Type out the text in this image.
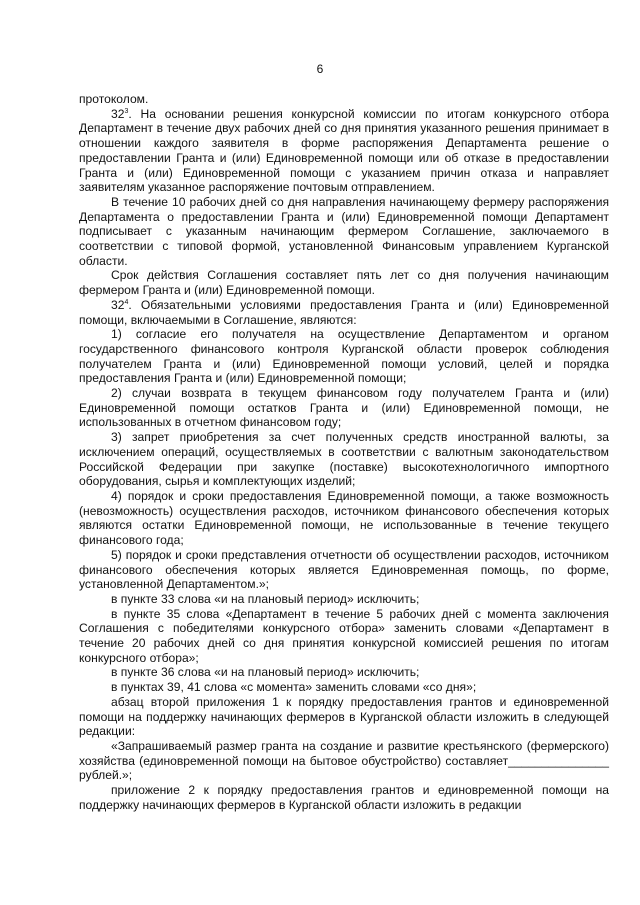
6

протоколом.

$32^3$. На основании решения конкурсной комиссии по итогам конкурсного отбора Департамент в течение двух рабочих дней со дня принятия указанного решения принимает в отношении каждого заявителя в форме распоряжения Департамента решение о предоставлении Гранта и (или) Единовременной помощи или об отказе в предоставлении Гранта и (или) Единовременной помощи с указанием причин отказа и направляет заявителям указанное распоряжение почтовым отправлением.

В течение 10 рабочих дней со дня направления начинающему фермеру распоряжения Департамента о предоставлении Гранта и (или) Единовременной помощи Департамент подписывает с указанным начинающим фермером Соглашение, заключаемого в соответствии с типовой формой, установленной Финансовым управлением Курганской области.

Срок действия Соглашения составляет пять лет со дня получения начинающим фермером Гранта и (или) Единовременной помощи.

$32^4$. Обязательными условиями предоставления Гранта и (или) Единовременной помощи, включаемыми в Соглашение, являются:

1) согласие его получателя на осуществление Департаментом и органом государственного финансового контроля Курганской области проверок соблюдения получателем Гранта и (или) Единовременной помощи условий, целей и порядка предоставления Гранта и (или) Единовременной помощи;

2) случаи возврата в текущем финансовом году получателем Гранта и (или) Единовременной помощи остатков Гранта и (или) Единовременной помощи, не использованных в отчетном финансовом году;

3) запрет приобретения за счет полученных средств иностранной валюты, за исключением операций, осуществляемых в соответствии с валютным законодательством Российской Федерации при закупке (поставке) высокотехнологичного импортного оборудования, сырья и комплектующих изделий;

4) порядок и сроки предоставления Единовременной помощи, а также возможность (невозможность) осуществления расходов, источником финансового обеспечения которых являются остатки Единовременной помощи, не использованные в течение текущего финансового года;

5) порядок и сроки представления отчетности об осуществлении расходов, источником финансового обеспечения которых является Единовременная помощь, по форме, установленной Департаментом.»;

в пункте 33 слова «и на плановый период» исключить;

в пункте 35 слова «Департамент в течение 5 рабочих дней с момента заключения Соглашения с победителями конкурсного отбора» заменить словами «Департамент в течение 20 рабочих дней со дня принятия конкурсной комиссией решения по итогам конкурсного отбора»;

в пункте 36 слова «и на плановый период» исключить;

в пунктах 39, 41 слова «с момента» заменить словами «со дня»;

абзац второй приложения 1 к порядку предоставления грантов и единовременной помощи на поддержку начинающих фермеров в Курганской области изложить в следующей редакции:

«Запрашиваемый размер гранта на создание и развитие крестьянского (фермерского) хозяйства (единовременной помощи на бытовое обустройство) составляет_______________ рублей.»;

приложение 2 к порядку предоставления грантов и единовременной помощи на поддержку начинающих фермеров в Курганской области изложить в редакции
